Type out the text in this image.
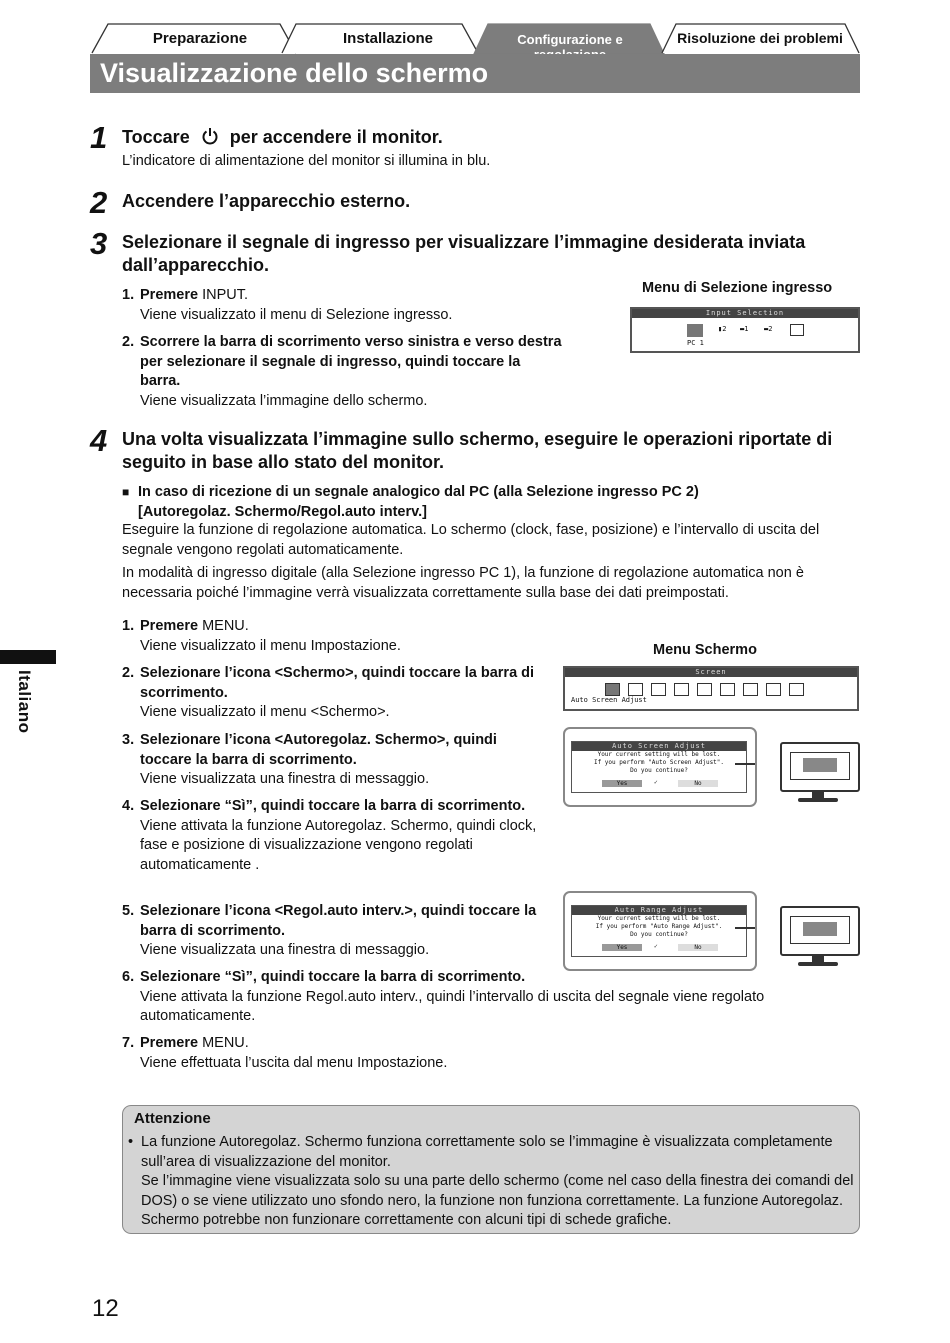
Preparazione	Installazione	Configurazione e	Risoluzione dei problemi
Visualizzazione dello schermo
1 Toccare per accendere il monitor.
L’indicatore di alimentazione del monitor si illumina in blu.
2 Accendere l’apparecchio esterno.
3 Selezionare il segnale di ingresso per visualizzare l’immagine desiderata inviata dall’apparecchio.
1. Premere INPUT.
Viene visualizzato il menu di Selezione ingresso.
2. Scorrere la barra di scorrimento verso sinistra e verso destra per selezionare il segnale di ingresso, quindi toccare la barra.
Viene visualizzata l’immagine dello schermo.
Menu di Selezione ingresso
Input Selection
▮2 ▬1 ▬2
PC 1
4 Una volta visualizzata l’immagine sullo schermo, eseguire le operazioni riportate di seguito in base allo stato del monitor.
■ In caso di ricezione di un segnale analogico dal PC (alla Selezione ingresso PC 2) [Autoregolaz. Schermo/Regol.auto interv.]
Eseguire la funzione di regolazione automatica. Lo schermo (clock, fase, posizione) e l’intervallo di uscita del segnale vengono regolati automaticamente.
In modalità di ingresso digitale (alla Selezione ingresso PC 1), la funzione di regolazione automatica non è necessaria poiché l’immagine verrà visualizzata correttamente sulla base dei dati preimpostati.
1. Premere MENU.
Viene visualizzato il menu Impostazione.
2. Selezionare l’icona <Schermo>, quindi toccare la barra di scorrimento.
Viene visualizzato il menu <Schermo>.
3. Selezionare l’icona <Autoregolaz. Schermo>, quindi toccare la barra di scorrimento.
Viene visualizzata una finestra di messaggio.
4. Selezionare “Sì”, quindi toccare la barra di scorrimento.
Viene attivata la funzione Autoregolaz. Schermo, quindi clock, fase e posizione di visualizzazione vengono regolati automaticamente .
5. Selezionare l’icona <Regol.auto interv.>, quindi toccare la barra di scorrimento.
Viene visualizzata una finestra di messaggio.
6. Selezionare “Sì”, quindi toccare la barra di scorrimento.
Viene attivata la funzione Regol.auto interv., quindi l’intervallo di uscita del segnale viene regolato automaticamente.
7. Premere MENU.
Viene effettuata l’uscita dal menu Impostazione.
Menu Schermo
Screen
Auto Screen Adjust
Auto Screen Adjust
Your current setting will be lost.
If you perform "Auto Screen Adjust".
Do you continue?
Yes	✓	No
Auto Range Adjust
Your current setting will be lost.
If you perform "Auto Range Adjust".
Do you continue?
Yes	✓	No
Attenzione
• La funzione Autoregolaz. Schermo funziona correttamente solo se l’immagine è visualizzata completamente sull’area di visualizzazione del monitor.
Se l’immagine viene visualizzata solo su una parte dello schermo (come nel caso della finestra dei comandi del DOS) o se viene utilizzato uno sfondo nero, la funzione non funziona correttamente. La funzione Autoregolaz. Schermo potrebbe non funzionare correttamente con alcuni tipi di schede grafiche.
Italiano
12
